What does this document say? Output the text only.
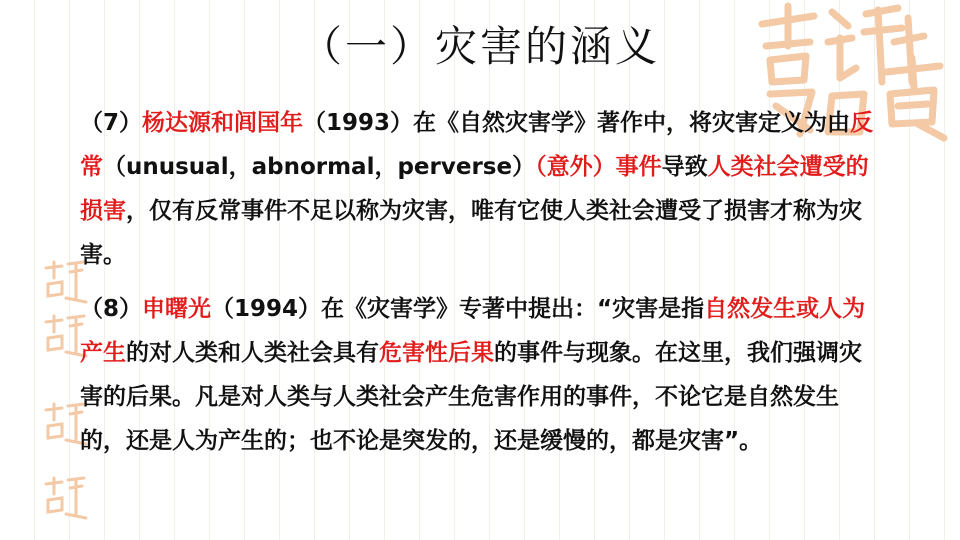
（一）灾害的涵义
（7）杨达源和闾国年（1993）在《自然灾害学》著作中，将灾害定义为由反常（unusual，abnormal，perverse）（意外）事件导致人类社会遭受的损害，仅有反常事件不足以称为灾害，唯有它使人类社会遭受了损害才称为灾害。
（8）申曙光（1994）在《灾害学》专著中提出：“灾害是指自然发生或人为产生的对人类和人类社会具有危害性后果的事件与现象。在这里，我们强调灾害的后果。凡是对人类与人类社会产生危害作用的事件，不论它是自然发生的，还是人为产生的；也不论是突发的，还是缓慢的，都是灾害”。
